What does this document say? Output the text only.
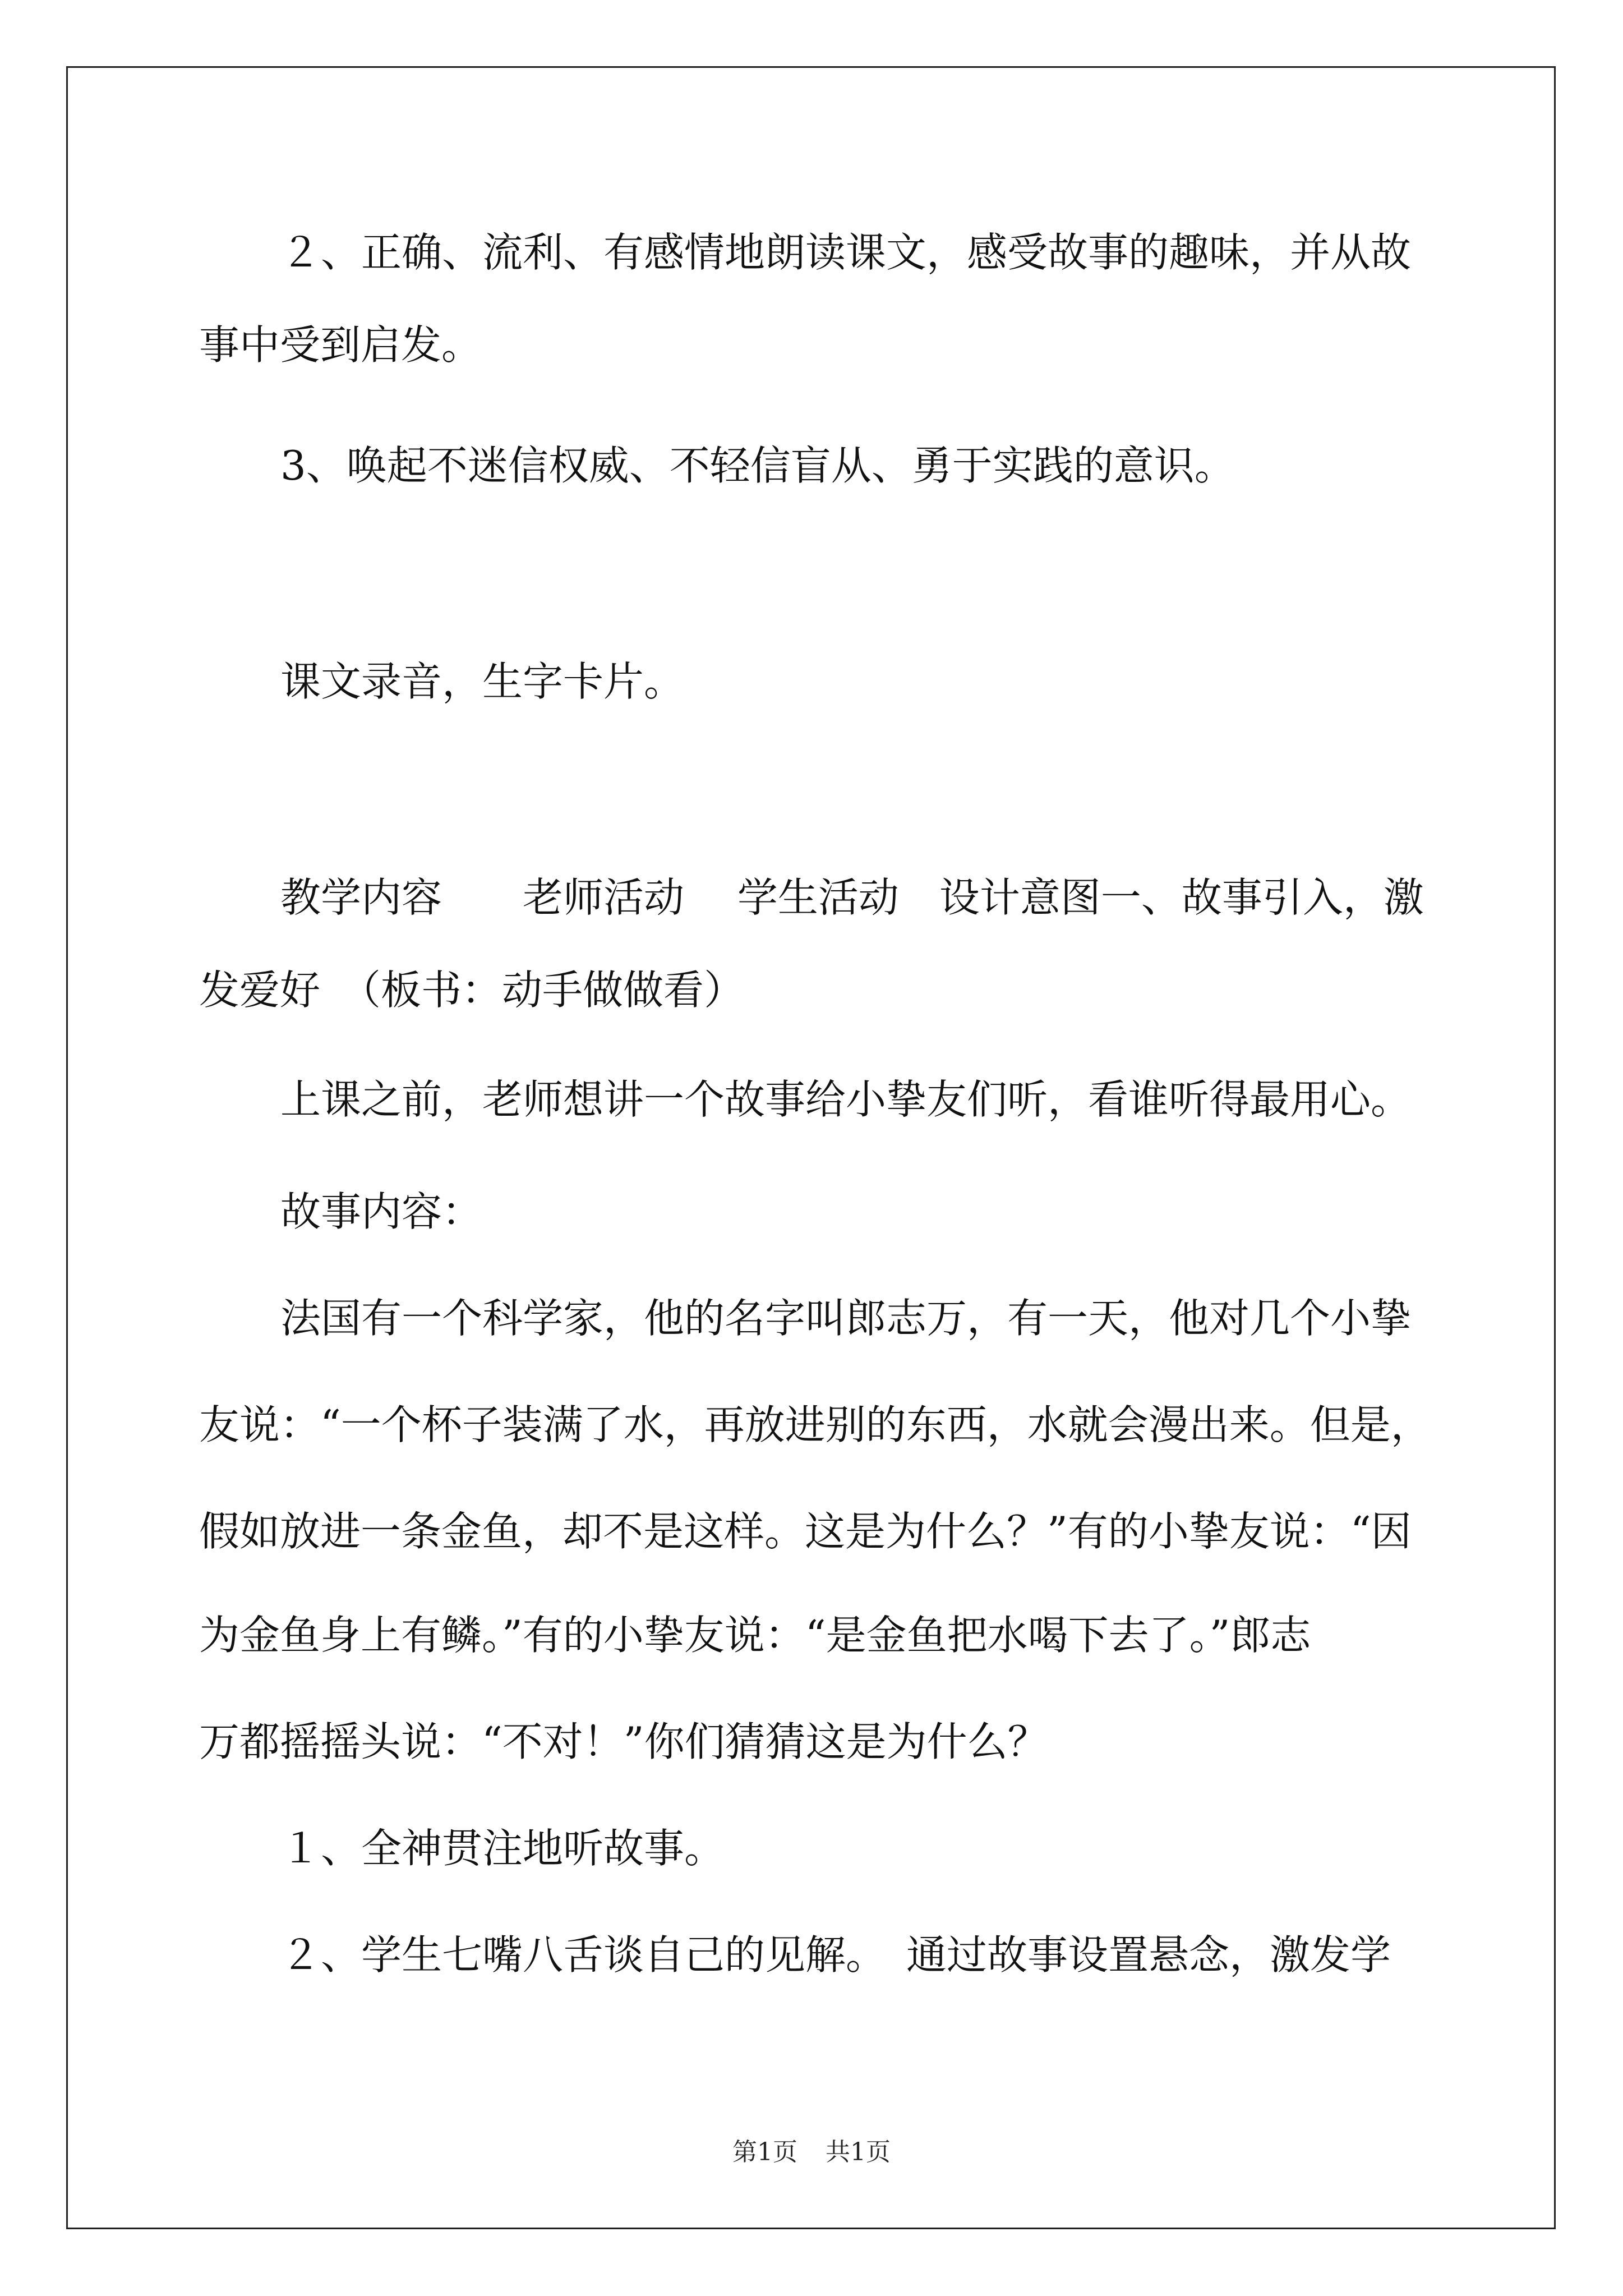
２、正确、流利、有感情地朗读课文，感受故事的趣味，并从故

事中受到启发。

3、唤起不迷信权威、不轻信盲从、勇于实践的意识。

课文录音，生字卡片。

教学内容　　老师活动　 学生活动　设计意图一、故事引入，激

发爱好　（板书：动手做做看）

上课之前，老师想讲一个故事给小挚友们听，看谁听得最用心。

故事内容：

法国有一个科学家，他的名字叫郎志万，有一天，他对几个小挚

友说：“一个杯子装满了水，再放进别的东西，水就会漫出来。但是，

假如放进一条金鱼，却不是这样。这是为什么？”有的小挚友说：“因

为金鱼身上有鳞。”有的小挚友说：“是金鱼把水喝下去了。”郎志

万都摇摇头说：“不对！”你们猜猜这是为什么？

１、全神贯注地听故事。

２、学生七嘴八舌谈自己的见解。　通过故事设置悬念，激发学

第1页 共1页
